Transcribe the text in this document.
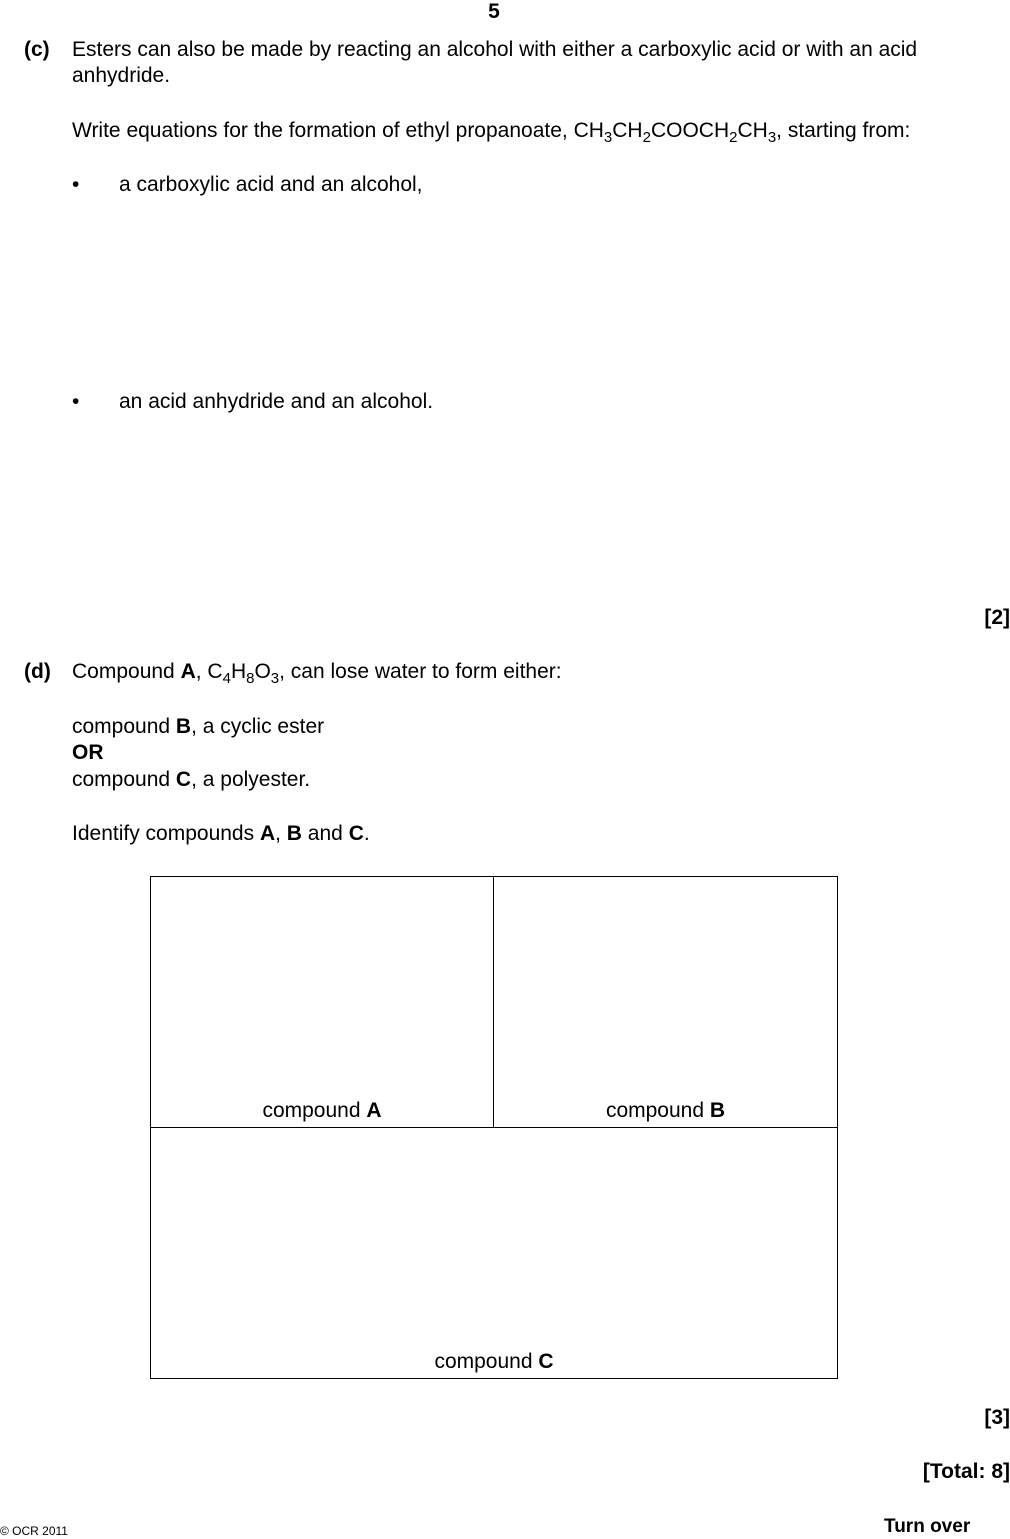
5
(c) Esters can also be made by reacting an alcohol with either a carboxylic acid or with an acid
anhydride.
Write equations for the formation of ethyl propanoate, $CH_3CH_2COOCH_2CH_3$, starting from:
• a carboxylic acid and an alcohol,
• an acid anhydride and an alcohol.
[2]
(d) Compound A, $C_4H_8O_3$, can lose water to form either:
compound B, a cyclic ester
OR
compound C, a polyester.
Identify compounds A, B and C.
compound A	compound B
compound C
[3]
[Total: 8]
© OCR 2011	Turn over
